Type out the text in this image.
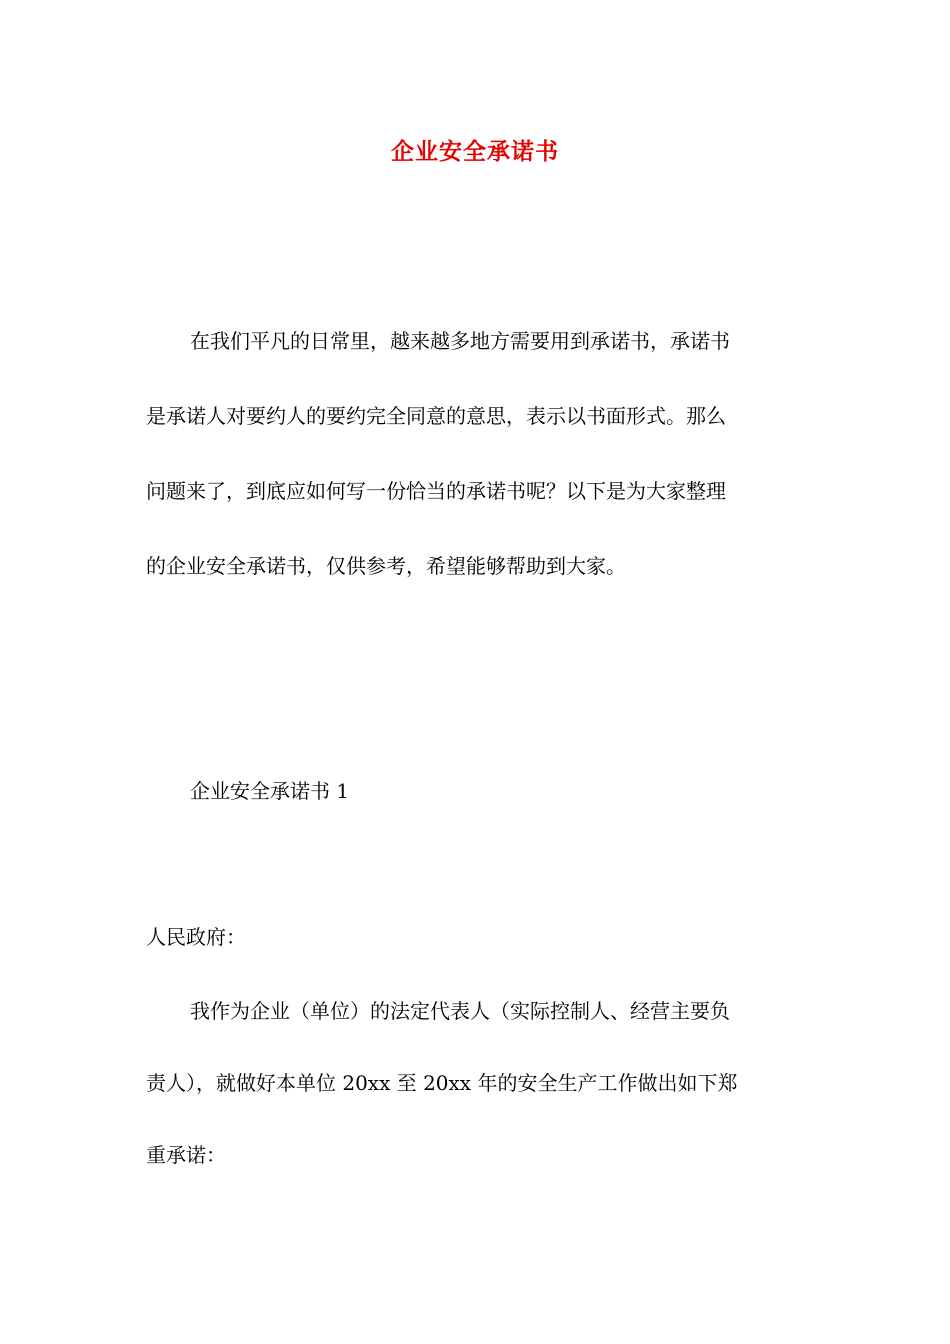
企业安全承诺书
在我们平凡的日常里，越来越多地方需要用到承诺书，承诺书
是承诺人对要约人的要约完全同意的意思，表示以书面形式。那么
问题来了，到底应如何写一份恰当的承诺书呢？以下是为大家整理
的企业安全承诺书，仅供参考，希望能够帮助到大家。
企业安全承诺书 1
人民政府：
我作为企业（单位）的法定代表人（实际控制人、经营主要负
责人），就做好本单位 20xx 至 20xx 年的安全生产工作做出如下郑
重承诺：
